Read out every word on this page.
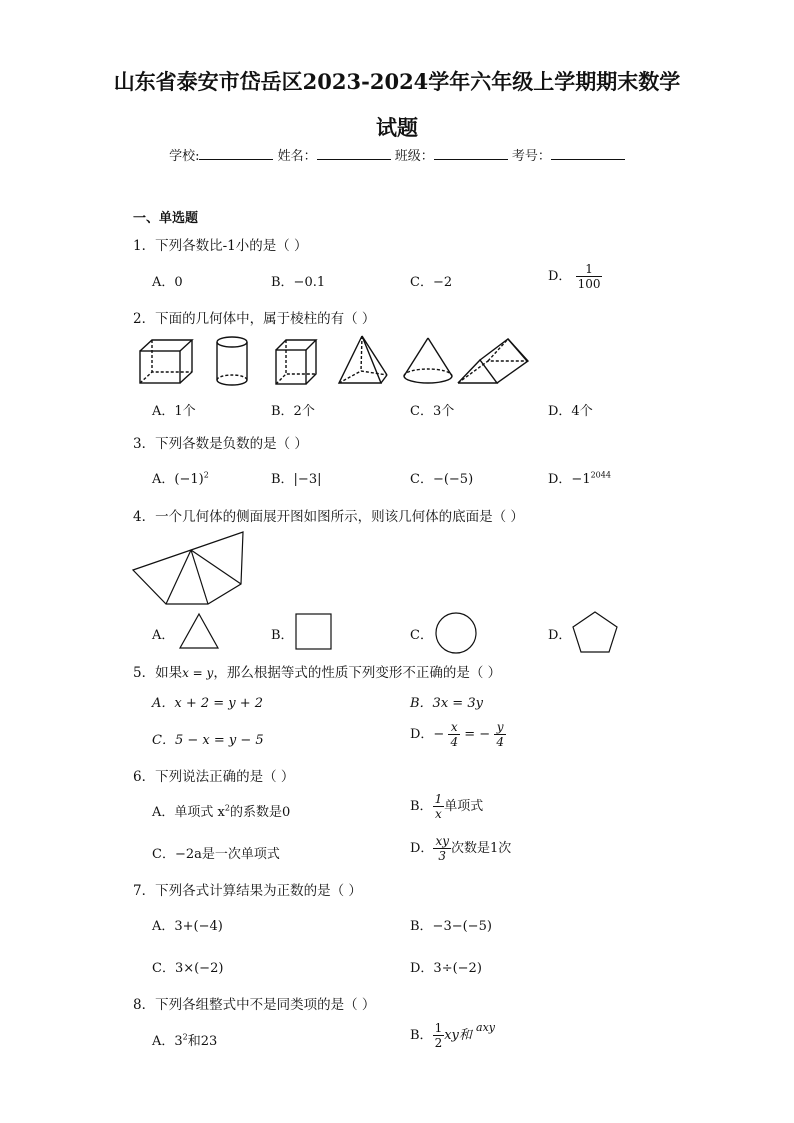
山东省泰安市岱岳区2023-2024学年六年级上学期期末数学
试题
学校:	姓名：	班级：	考号：
一、单选题
1．下列各数比-1小的是（ ）
A．0	B．−0.1	C．−2	D． $\frac{1}{100}$
2．下面的几何体中，属于棱柱的有（ ）
A．1个	B．2个	C．3个	D．4个
3．下列各数是负数的是（ ）
A．$(-1)^2$	B．|−3|	C．−(−5)	D．$-1^{2044}$
4．一个几何体的侧面展开图如图所示，则该几何体的底面是（ ）
A．	B．	C．	D．
5．如果x = y，那么根据等式的性质下列变形不正确的是（ ）
A．x + 2 = y + 2	B．3x = 3y
C．5 − x = y − 5	D．− $\frac{x}{4}$ = − $\frac{y}{4}$
6．下列说法正确的是（ ）
A．单项式 $x^2$的系数是0	B． $\frac{1}{x}$ 单项式
C．−2a是一次单项式	D． $\frac{xy}{3}$ 次数是1次
7．下列各式计算结果为正数的是（ ）
A．3+(−4)	B．−3−(−5)
C．3×(−2)	D．3÷(−2)
8．下列各组整式中不是同类项的是（ ）
A．$3^2$和23	B． $\frac{1}{2}$ xy和 $^{axy}$
